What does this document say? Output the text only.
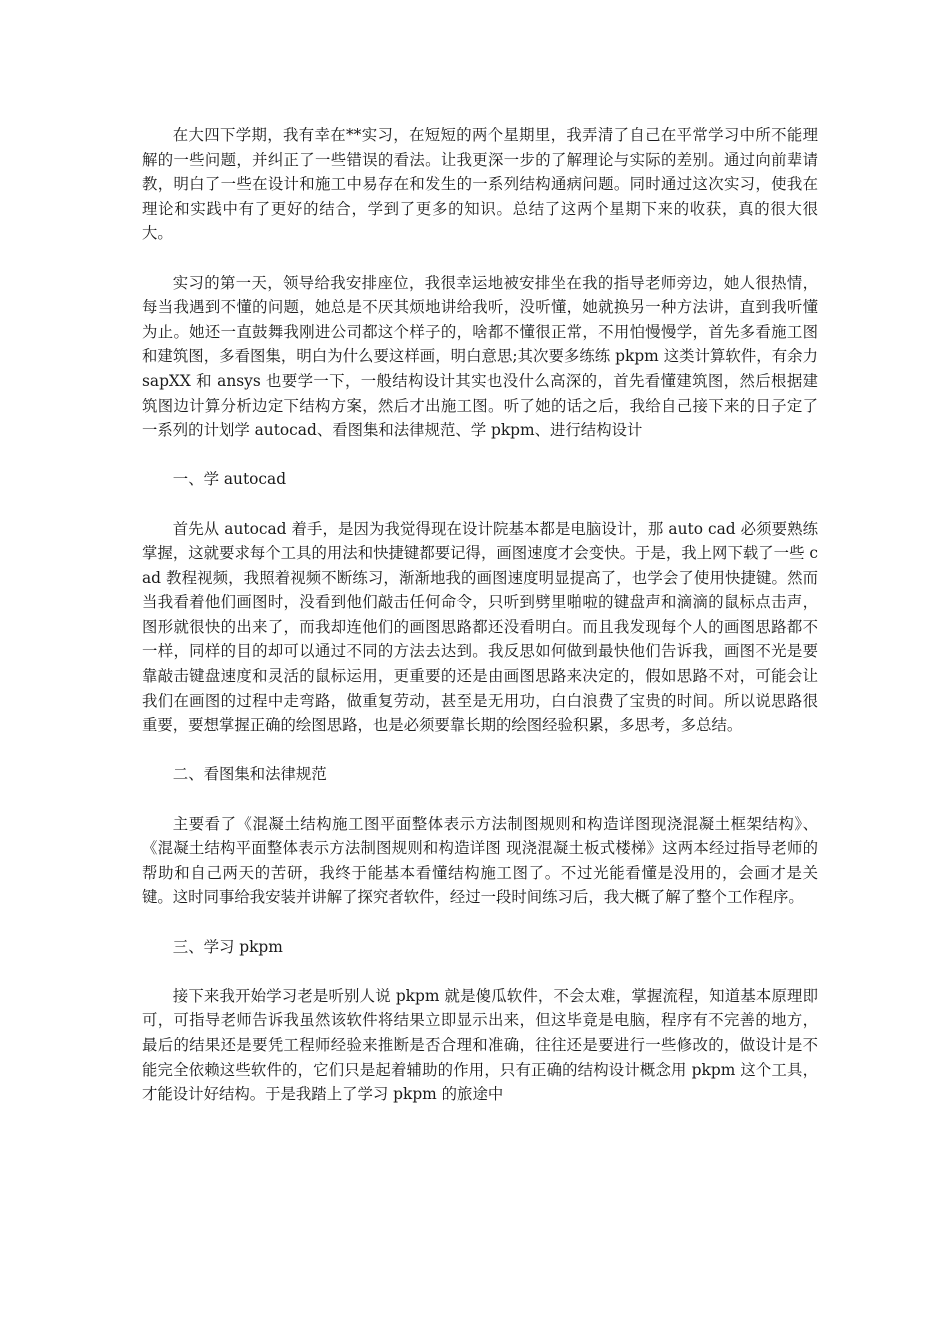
在大四下学期，我有幸在**实习，在短短的两个星期里，我弄清了自己在平常学习中所不能理解的一些问题，并纠正了一些错误的看法。让我更深一步的了解理论与实际的差别。通过向前辈请教，明白了一些在设计和施工中易存在和发生的一系列结构通病问题。同时通过这次实习，使我在理论和实践中有了更好的结合，学到了更多的知识。总结了这两个星期下来的收获，真的很大很大。

实习的第一天，领导给我安排座位，我很幸运地被安排坐在我的指导老师旁边，她人很热情，每当我遇到不懂的问题，她总是不厌其烦地讲给我听，没听懂，她就换另一种方法讲，直到我听懂为止。她还一直鼓舞我刚进公司都这个样子的，啥都不懂很正常，不用怕慢慢学，首先多看施工图和建筑图，多看图集，明白为什么要这样画，明白意思;其次要多练练 pkpm 这类计算软件，有余力 sapXX 和 ansys 也要学一下，一般结构设计其实也没什么高深的，首先看懂建筑图，然后根据建筑图边计算分析边定下结构方案，然后才出施工图。听了她的话之后，我给自己接下来的日子定了一系列的计划学 autocad、看图集和法律规范、学 pkpm、进行结构设计

一、学 autocad

首先从 autocad 着手，是因为我觉得现在设计院基本都是电脑设计，那 auto cad 必须要熟练掌握，这就要求每个工具的用法和快捷键都要记得，画图速度才会变快。于是，我上网下载了一些 cad 教程视频，我照着视频不断练习，渐渐地我的画图速度明显提高了，也学会了使用快捷键。然而当我看着他们画图时，没看到他们敲击任何命令，只听到劈里啪啦的键盘声和滴滴的鼠标点击声，图形就很快的出来了，而我却连他们的画图思路都还没看明白。而且我发现每个人的画图思路都不一样，同样的目的却可以通过不同的方法去达到。我反思如何做到最快他们告诉我，画图不光是要靠敲击键盘速度和灵活的鼠标运用，更重要的还是由画图思路来决定的，假如思路不对，可能会让我们在画图的过程中走弯路，做重复劳动，甚至是无用功，白白浪费了宝贵的时间。所以说思路很重要，要想掌握正确的绘图思路，也是必须要靠长期的绘图经验积累，多思考，多总结。

二、看图集和法律规范

主要看了《混凝土结构施工图平面整体表示方法制图规则和构造详图现浇混凝土框架结构》、《混凝土结构平面整体表示方法制图规则和构造详图 现浇混凝土板式楼梯》这两本经过指导老师的帮助和自己两天的苦研，我终于能基本看懂结构施工图了。不过光能看懂是没用的，会画才是关键。这时同事给我安装并讲解了探究者软件，经过一段时间练习后，我大概了解了整个工作程序。

三、学习 pkpm

接下来我开始学习老是听别人说 pkpm 就是傻瓜软件，不会太难，掌握流程，知道基本原理即可，可指导老师告诉我虽然该软件将结果立即显示出来，但这毕竟是电脑，程序有不完善的地方，最后的结果还是要凭工程师经验来推断是否合理和准确，往往还是要进行一些修改的，做设计是不能完全依赖这些软件的，它们只是起着辅助的作用，只有正确的结构设计概念用 pkpm 这个工具，才能设计好结构。于是我踏上了学习 pkpm 的旅途中
